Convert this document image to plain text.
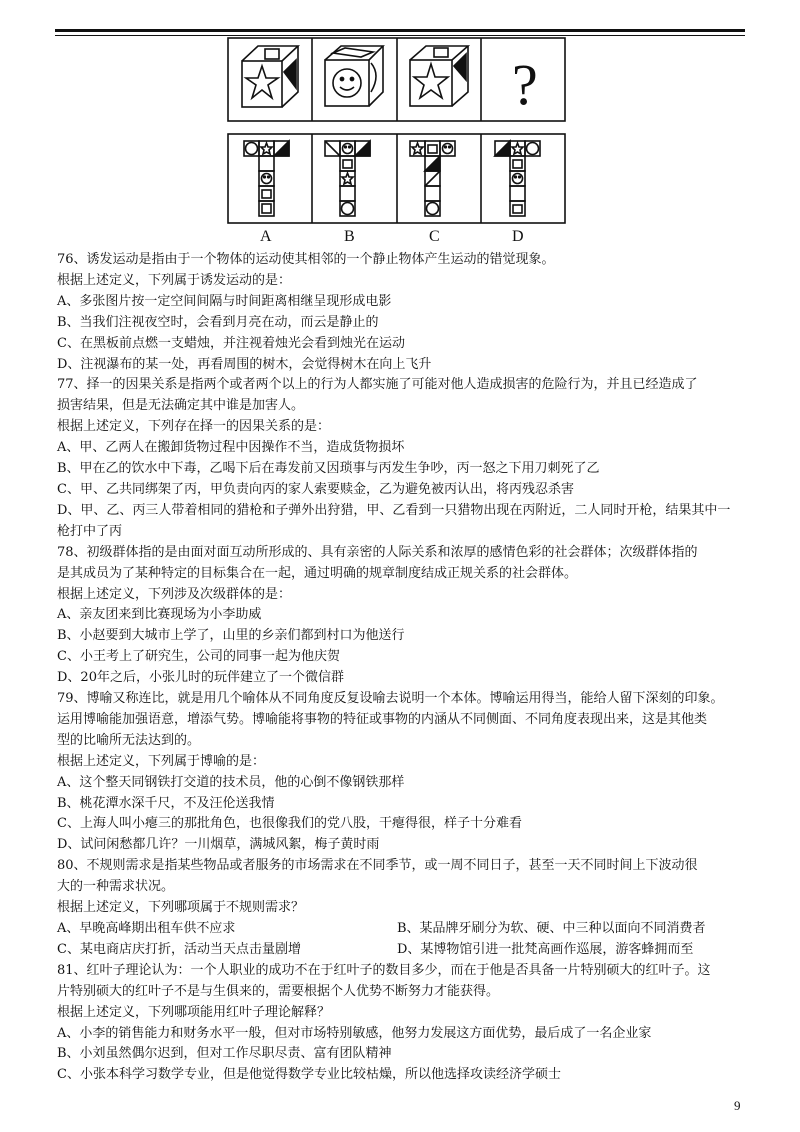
?
A	B	C	D

76、诱发运动是指由于一个物体的运动使其相邻的一个静止物体产生运动的错觉现象。

根据上述定义，下列属于诱发运动的是：

A、多张图片按一定空间间隔与时间距离相继呈现形成电影

B、当我们注视夜空时，会看到月亮在动，而云是静止的

C、在黑板前点燃一支蜡烛，并注视着烛光会看到烛光在运动

D、注视瀑布的某一处，再看周围的树木，会觉得树木在向上飞升

77、择一的因果关系是指两个或者两个以上的行为人都实施了可能对他人造成损害的危险行为，并且已经造成了

损害结果，但是无法确定其中谁是加害人。

根据上述定义，下列存在择一的因果关系的是：

A、甲、乙两人在搬卸货物过程中因操作不当，造成货物损坏

B、甲在乙的饮水中下毒，乙喝下后在毒发前又因琐事与丙发生争吵，丙一怒之下用刀刺死了乙

C、甲、乙共同绑架了丙，甲负责向丙的家人索要赎金，乙为避免被丙认出，将丙残忍杀害

D、甲、乙、丙三人带着相同的猎枪和子弹外出狩猎，甲、乙看到一只猎物出现在丙附近，二人同时开枪，结果其中一

枪打中了丙

78、初级群体指的是由面对面互动所形成的、具有亲密的人际关系和浓厚的感情色彩的社会群体；次级群体指的

是其成员为了某种特定的目标集合在一起，通过明确的规章制度结成正规关系的社会群体。

根据上述定义，下列涉及次级群体的是：

A、亲友团来到比赛现场为小李助威

B、小赵要到大城市上学了，山里的乡亲们都到村口为他送行

C、小王考上了研究生，公司的同事一起为他庆贺

D、20年之后，小张儿时的玩伴建立了一个微信群

79、博喻又称连比，就是用几个喻体从不同角度反复设喻去说明一个本体。博喻运用得当，能给人留下深刻的印象。

运用博喻能加强语意，增添气势。博喻能将事物的特征或事物的内涵从不同侧面、不同角度表现出来，这是其他类

型的比喻所无法达到的。

根据上述定义，下列属于博喻的是：

A、这个整天同钢铁打交道的技术员，他的心倒不像钢铁那样

B、桃花潭水深千尺，不及汪伦送我情

C、上海人叫小瘪三的那批角色，也很像我们的党八股，干瘪得很，样子十分难看

D、试问闲愁都几许？一川烟草，满城风絮，梅子黄时雨

80、不规则需求是指某些物品或者服务的市场需求在不同季节，或一周不同日子，甚至一天不同时间上下波动很

大的一种需求状况。

根据上述定义，下列哪项属于不规则需求？

A、早晚高峰期出租车供不应求	B、某品牌牙刷分为软、硬、中三种以面向不同消费者
C、某电商店庆打折，活动当天点击量剧增	D、某博物馆引进一批梵高画作巡展，游客蜂拥而至

81、红叶子理论认为：一个人职业的成功不在于红叶子的数目多少，而在于他是否具备一片特别硕大的红叶子。这

片特别硕大的红叶子不是与生俱来的，需要根据个人优势不断努力才能获得。

根据上述定义，下列哪项能用红叶子理论解释？

A、小李的销售能力和财务水平一般，但对市场特别敏感，他努力发展这方面优势，最后成了一名企业家

B、小刘虽然偶尔迟到，但对工作尽职尽责、富有团队精神

C、小张本科学习数学专业，但是他觉得数学专业比较枯燥，所以他选择攻读经济学硕士

9
